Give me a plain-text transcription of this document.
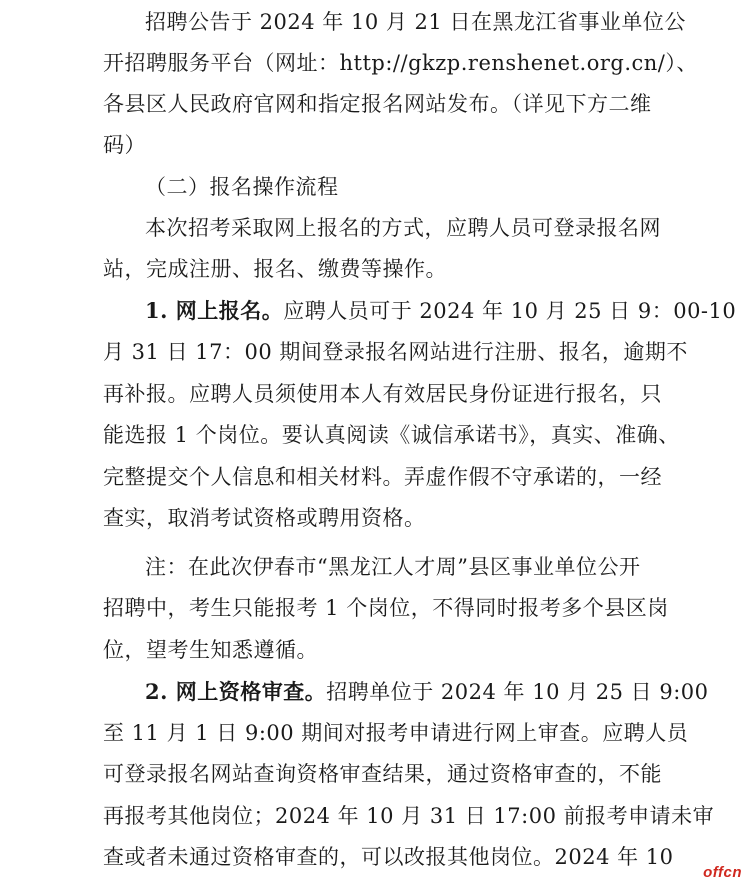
招聘公告于 2024 年 10 月 21 日在黑龙江省事业单位公
开招聘服务平台（网址：http://gkzp.renshenet.org.cn/）、
各县区人民政府官网和指定报名网站发布。（详见下方二维
码）
（二）报名操作流程
本次招考采取网上报名的方式，应聘人员可登录报名网
站，完成注册、报名、缴费等操作。
1. 网上报名。应聘人员可于 2024 年 10 月 25 日 9：00-10
月 31 日 17：00 期间登录报名网站进行注册、报名，逾期不
再补报。应聘人员须使用本人有效居民身份证进行报名，只
能选报 1 个岗位。要认真阅读《诚信承诺书》，真实、准确、
完整提交个人信息和相关材料。弄虚作假不守承诺的，一经
查实，取消考试资格或聘用资格。
注：在此次伊春市“黑龙江人才周”县区事业单位公开
招聘中，考生只能报考 1 个岗位，不得同时报考多个县区岗
位，望考生知悉遵循。
2. 网上资格审查。招聘单位于 2024 年 10 月 25 日 9:00
至 11 月 1 日 9:00 期间对报考申请进行网上审查。应聘人员
可登录报名网站查询资格审查结果，通过资格审查的，不能
再报考其他岗位；2024 年 10 月 31 日 17:00 前报考申请未审
查或者未通过资格审查的，可以改报其他岗位。2024 年 10
offcn
